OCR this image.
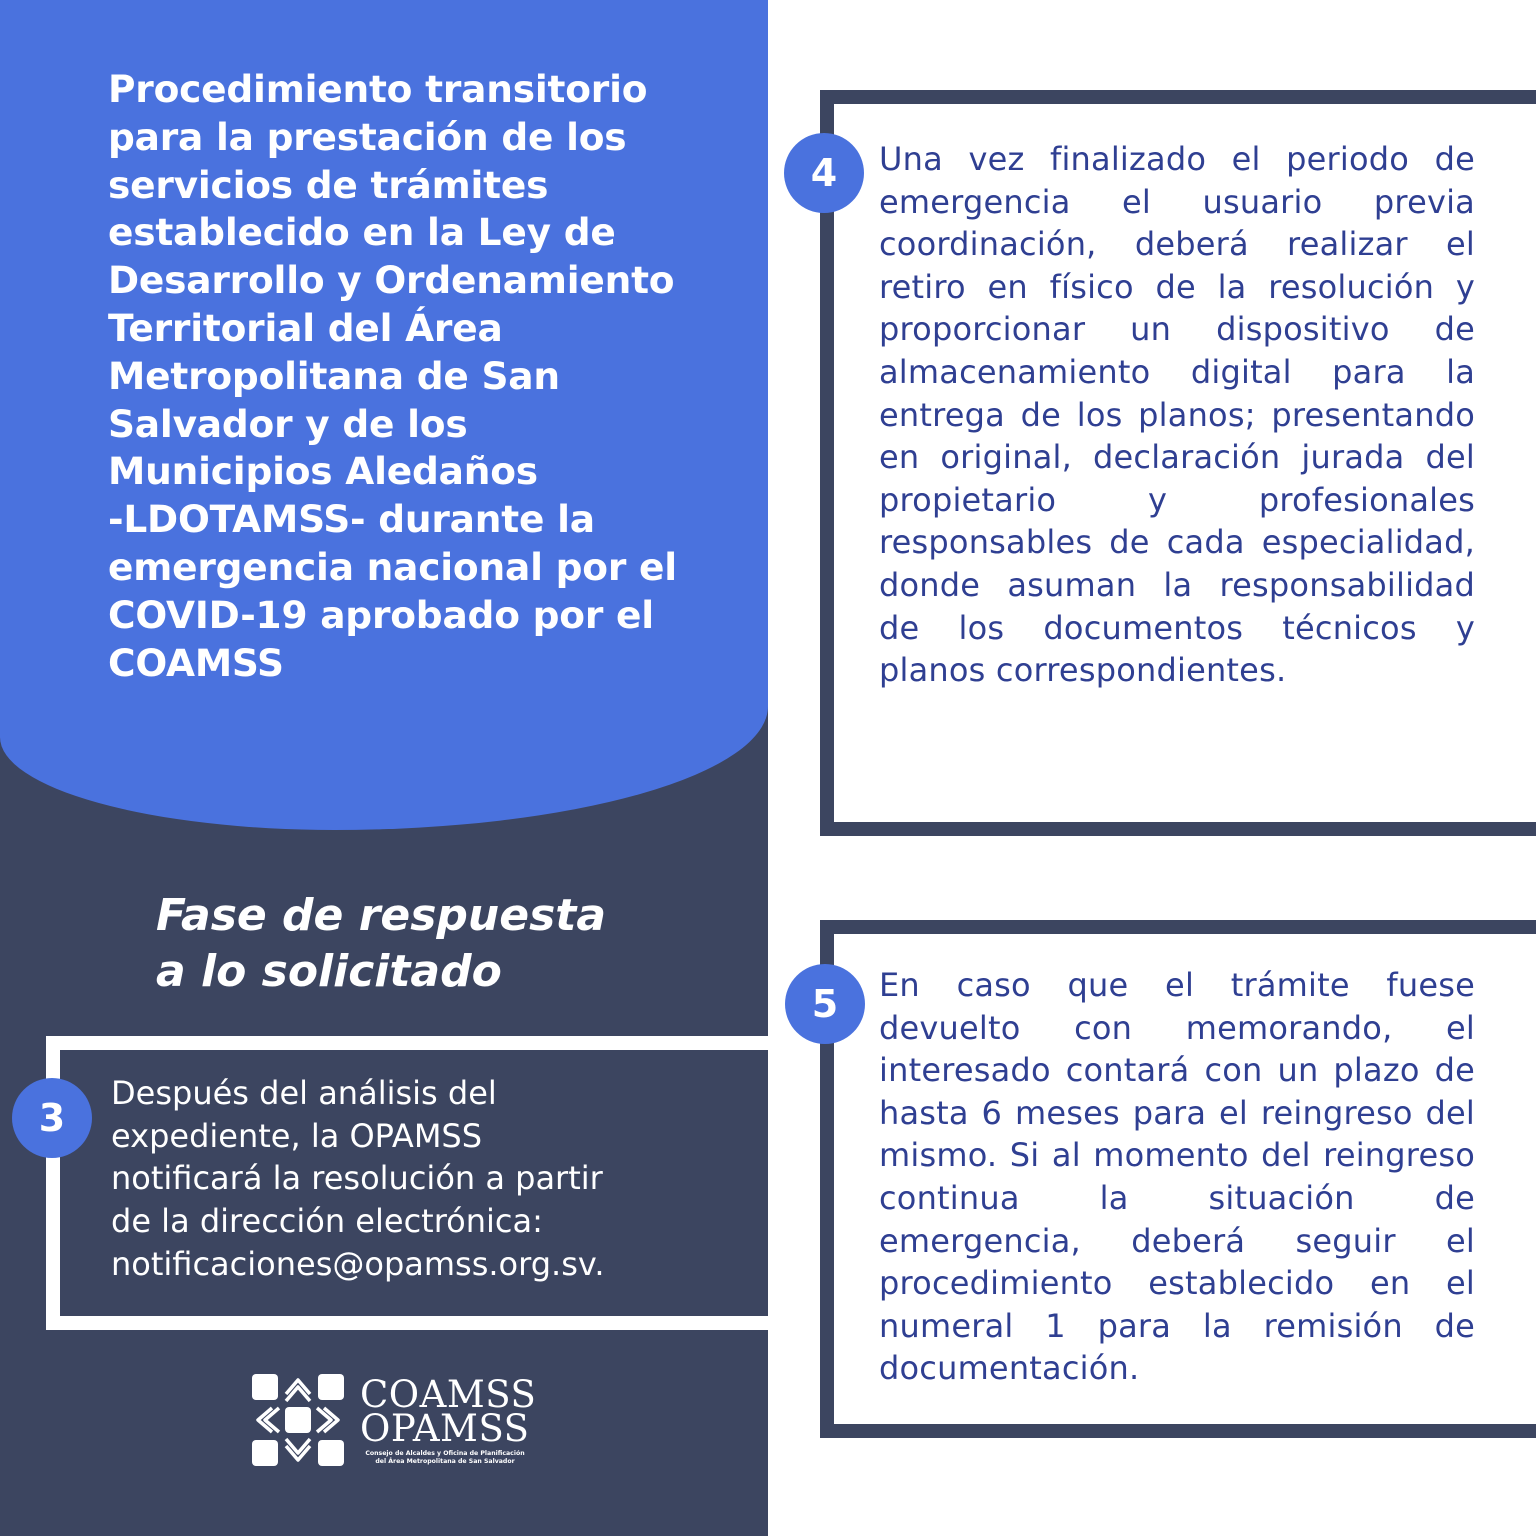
Procedimiento transitorio
para la prestación de los
servicios de trámites
establecido en la Ley de
Desarrollo y Ordenamiento
Territorial del Área
Metropolitana de San
Salvador y de los
Municipios Aledaños
-LDOTAMSS- durante la
emergencia nacional por el
COVID-19 aprobado por el
COAMSS

Fase de respuesta
a lo solicitado

3

Después del análisis del
expediente, la OPAMSS
notificará la resolución a partir
de la dirección electrónica:
notificaciones@opamss.org.sv.

4	Una vez finalizado el periodo de emergencia el usuario previa coordinación, deberá realizar el retiro en físico de la resolución y proporcionar un dispositivo de almacenamiento digital para la entrega de los planos; presentando en original, declaración jurada del propietario y profesionales responsables de cada especialidad, donde asuman la responsabilidad de los documentos técnicos y planos correspondientes.

5	En caso que el trámite fuese devuelto con memorando, el interesado contará con un plazo de hasta 6 meses para el reingreso del mismo. Si al momento del reingreso continua la situación de emergencia, deberá seguir el procedimiento establecido en el numeral 1 para la remisión de documentación.

COAMSS

OPAMSS

Consejo de Alcaldes y Oficina de Planificación
del Área Metropolitana de San Salvador
